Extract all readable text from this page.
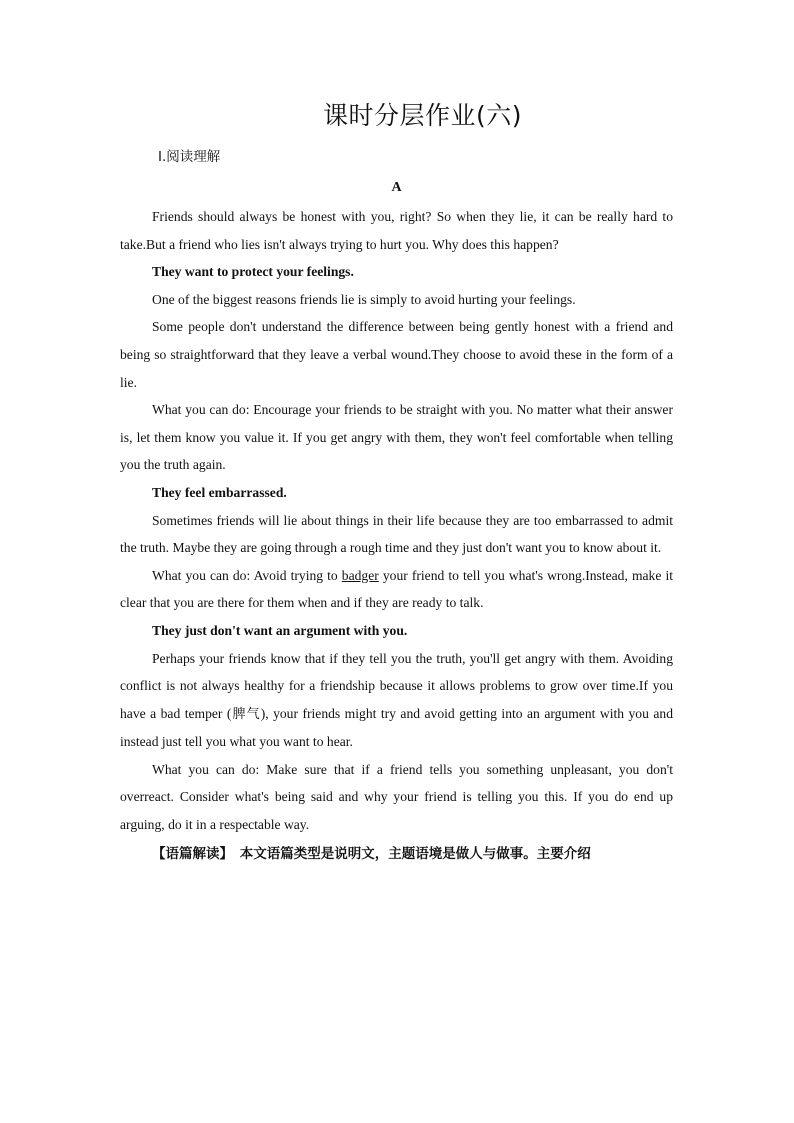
课时分层作业(六)
Ⅰ.阅读理解
A

Friends should always be honest with you, right? So when they lie, it can be really hard to take.But a friend who lies isn't always trying to hurt you. Why does this happen?

They want to protect your feelings.

One of the biggest reasons friends lie is simply to avoid hurting your feelings.

Some people don't understand the difference between being gently honest with a friend and being so straightforward that they leave a verbal wound.They choose to avoid these in the form of a lie.

What you can do: Encourage your friends to be straight with you. No matter what their answer is, let them know you value it. If you get angry with them, they won't feel comfortable when telling you the truth again.

They feel embarrassed.

Sometimes friends will lie about things in their life because they are too embarrassed to admit the truth. Maybe they are going through a rough time and they just don't want you to know about it.

What you can do: Avoid trying to badger your friend to tell you what's wrong.Instead, make it clear that you are there for them when and if they are ready to talk.

They just don't want an argument with you.

Perhaps your friends know that if they tell you the truth, you'll get angry with them. Avoiding conflict is not always healthy for a friendship because it allows problems to grow over time.If you have a bad temper (脾气), your friends might try and avoid getting into an argument with you and instead just tell you what you want to hear.

What you can do: Make sure that if a friend tells you something unpleasant, you don't overreact. Consider what's being said and why your friend is telling you this. If you do end up arguing, do it in a respectable way.

【语篇解读】　本文语篇类型是说明文，主题语境是做人与做事。主要介绍
